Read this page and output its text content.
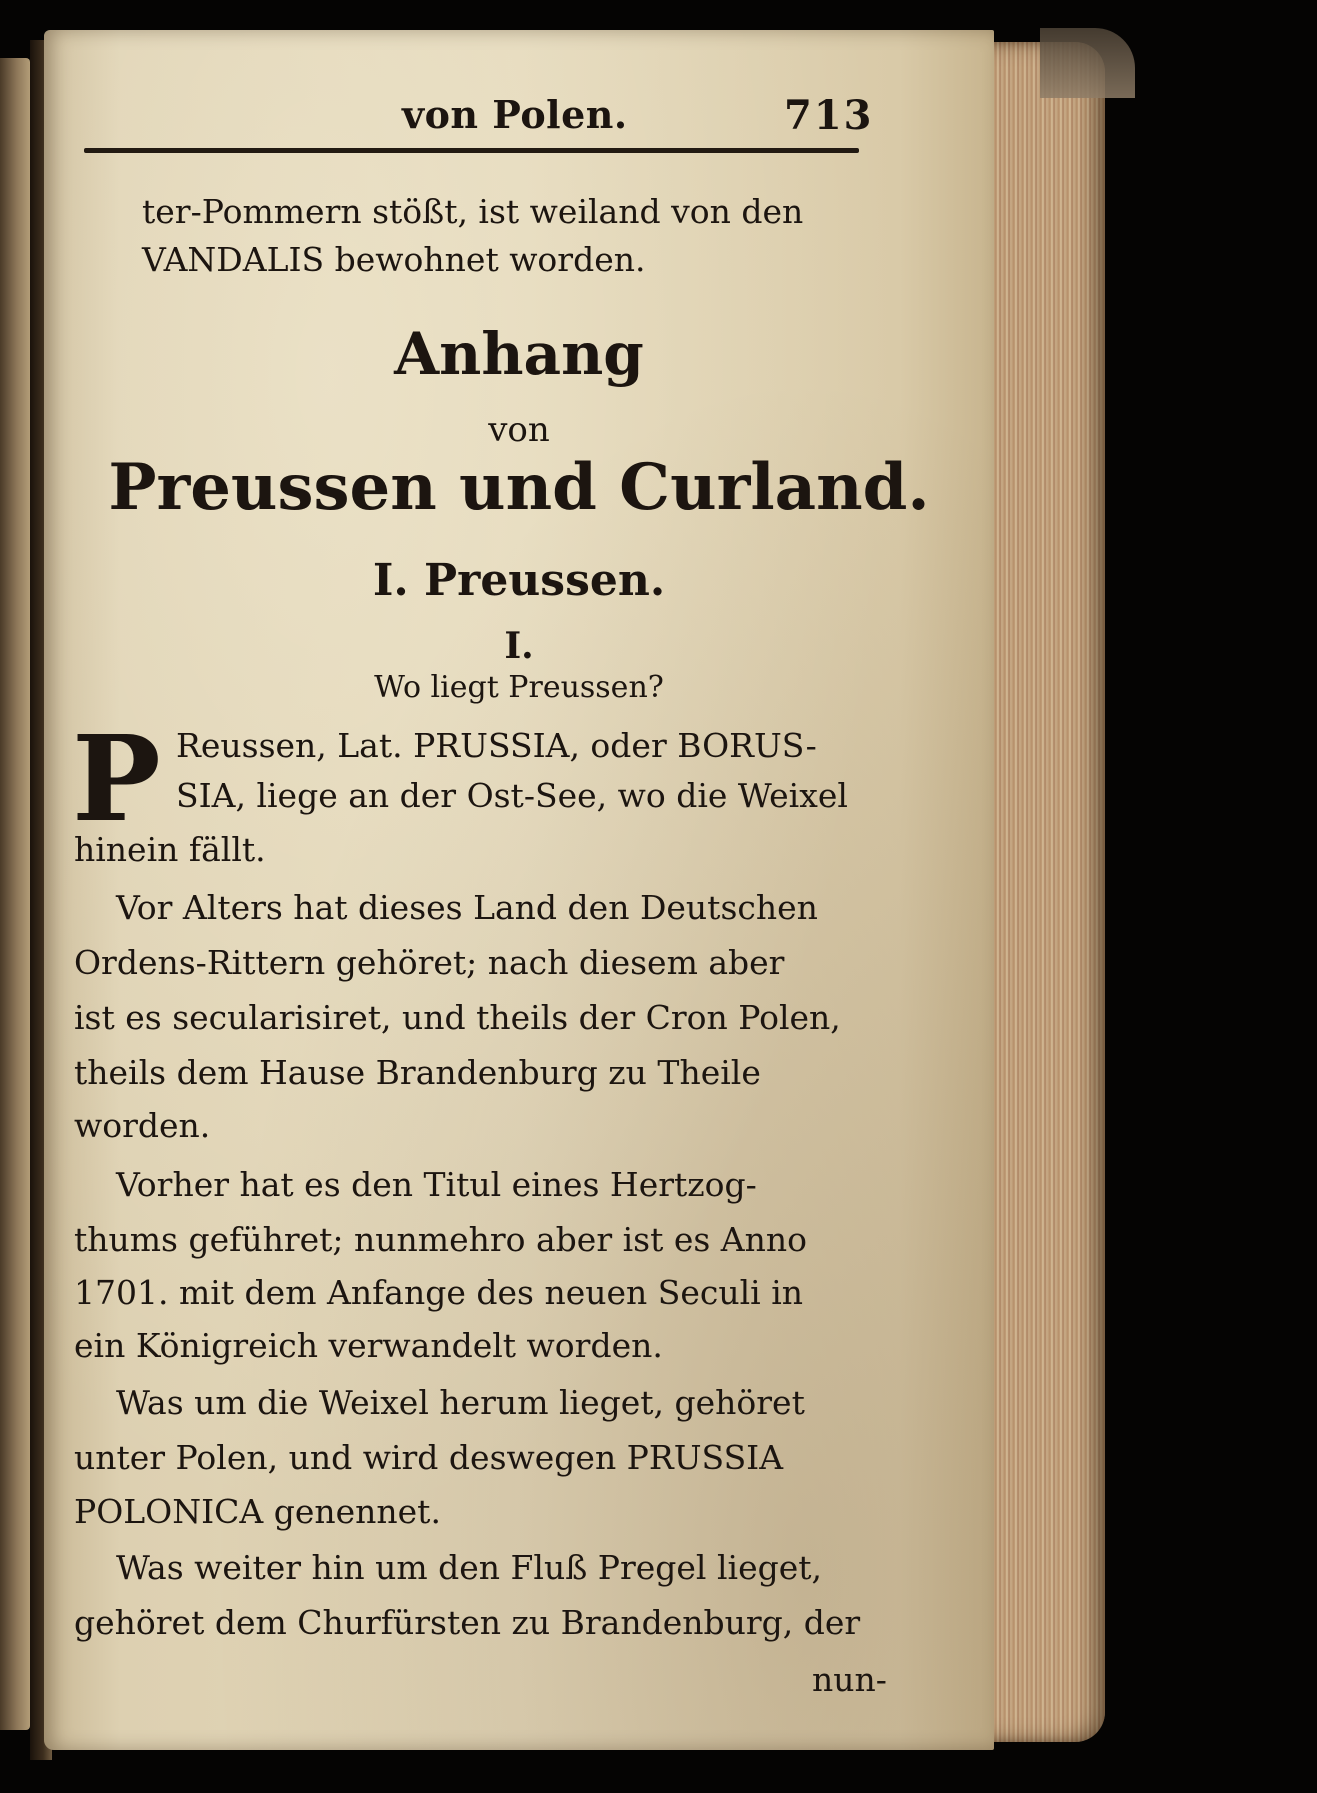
von Polen.	713
ter-Pommern stößt, ist weiland von den
VANDALIS bewohnet worden.
Anhang
von
Preussen und Curland.
I. Preussen.
I.
Wo liegt Preussen?
P Reussen, Lat. PRUSSIA, oder BORUS-
SIA, liege an der Ost-See, wo die Weixel
hinein fällt.
Vor Alters hat dieses Land den Deutschen
Ordens-Rittern gehöret; nach diesem aber
ist es secularisiret, und theils der Cron Polen,
theils dem Hause Brandenburg zu Theile
worden.
Vorher hat es den Titul eines Hertzog-
thums geführet; nunmehro aber ist es Anno
1701. mit dem Anfange des neuen Seculi in
ein Königreich verwandelt worden.
Was um die Weixel herum lieget, gehöret
unter Polen, und wird deswegen PRUSSIA
POLONICA genennet.
Was weiter hin um den Fluß Pregel lieget,
gehöret dem Churfürsten zu Brandenburg, der
nun-
